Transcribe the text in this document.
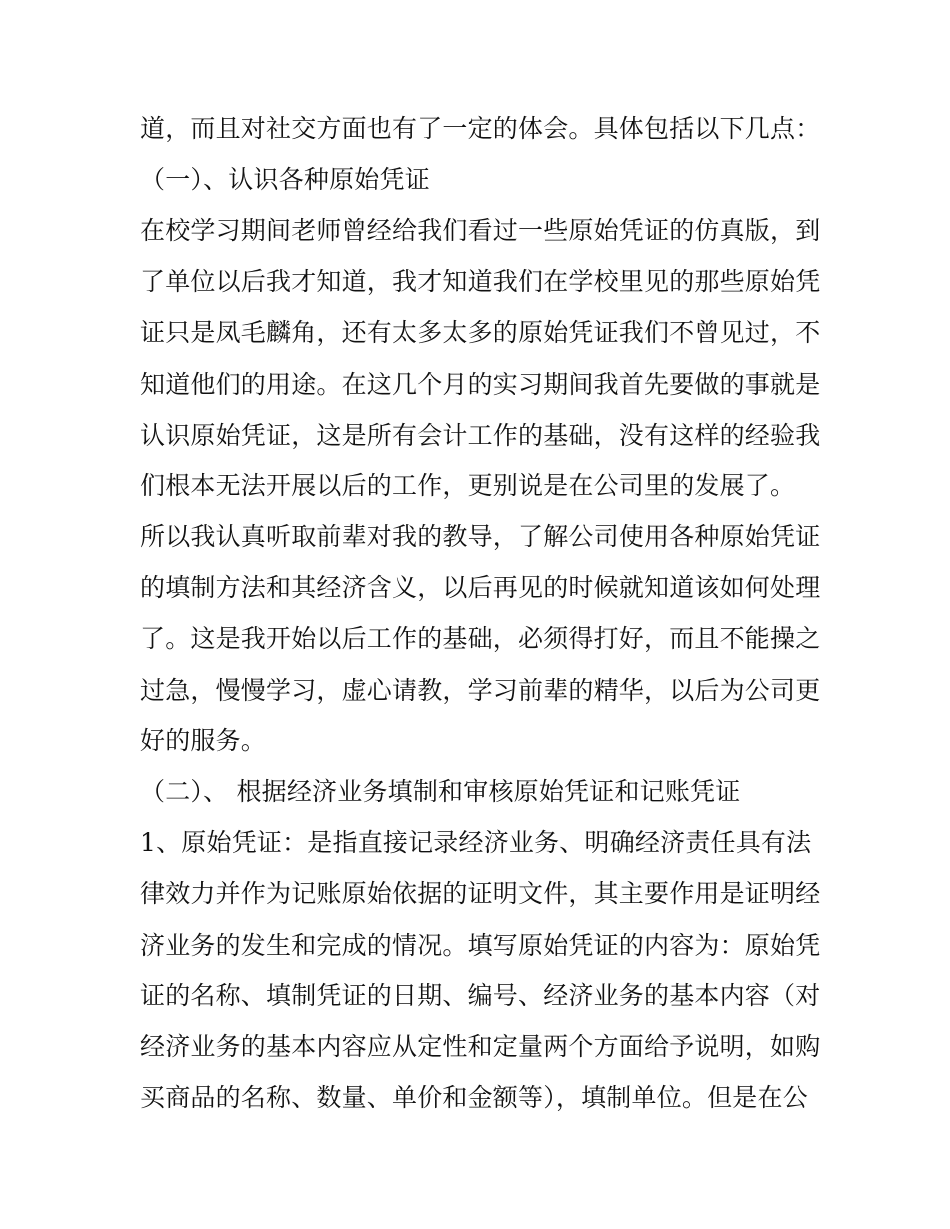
道，而且对社交方面也有了一定的体会。具体包括以下几点：
（一）、认识各种原始凭证
在校学习期间老师曾经给我们看过一些原始凭证的仿真版，到
了单位以后我才知道，我才知道我们在学校里见的那些原始凭
证只是凤毛麟角，还有太多太多的原始凭证我们不曾见过，不
知道他们的用途。在这几个月的实习期间我首先要做的事就是
认识原始凭证，这是所有会计工作的基础，没有这样的经验我
们根本无法开展以后的工作，更别说是在公司里的发展了。
所以我认真听取前辈对我的教导，了解公司使用各种原始凭证
的填制方法和其经济含义，以后再见的时候就知道该如何处理
了。这是我开始以后工作的基础，必须得打好，而且不能操之
过急，慢慢学习，虚心请教，学习前辈的精华，以后为公司更
好的服务。
（二）、 根据经济业务填制和审核原始凭证和记账凭证
1、原始凭证：是指直接记录经济业务、明确经济责任具有法
律效力并作为记账原始依据的证明文件，其主要作用是证明经
济业务的发生和完成的情况。填写原始凭证的内容为：原始凭
证的名称、填制凭证的日期、编号、经济业务的基本内容（对
经济业务的基本内容应从定性和定量两个方面给予说明，如购
买商品的名称、数量、单价和金额等），填制单位。但是在公
